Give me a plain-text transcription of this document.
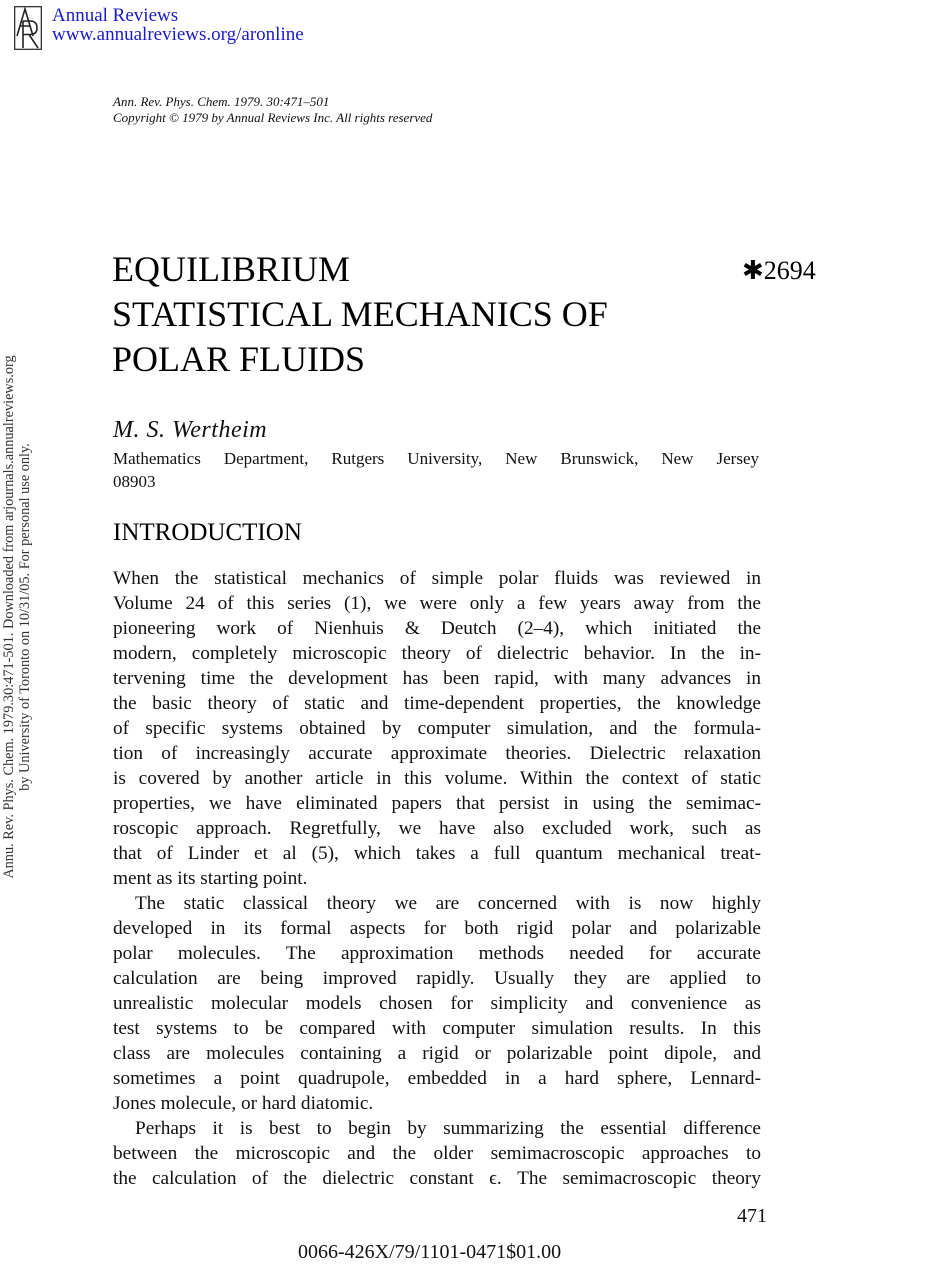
Annual Reviews
www.annualreviews.org/aronline
Ann. Rev. Phys. Chem. 1979. 30:471–501
Copyright © 1979 by Annual Reviews Inc. All rights reserved
Annu. Rev. Phys. Chem. 1979.30:471-501. Downloaded from arjournals.annualreviews.org by University of Toronto on 10/31/05. For personal use only.
EQUILIBRIUM
STATISTICAL MECHANICS OF
POLAR FLUIDS
✱2694
M. S. Wertheim
Mathematics Department, Rutgers University, New Brunswick, New Jersey
08903
INTRODUCTION
When the statistical mechanics of simple polar fluids was reviewed in
Volume 24 of this series (1), we were only a few years away from the
pioneering work of Nienhuis & Deutch (2–4), which initiated the
modern, completely microscopic theory of dielectric behavior. In the in-
tervening time the development has been rapid, with many advances in
the basic theory of static and time-dependent properties, the knowledge
of specific systems obtained by computer simulation, and the formula-
tion of increasingly accurate approximate theories. Dielectric relaxation
is covered by another article in this volume. Within the context of static
properties, we have eliminated papers that persist in using the semimac-
roscopic approach. Regretfully, we have also excluded work, such as
that of Linder et al (5), which takes a full quantum mechanical treat-
ment as its starting point.
The static classical theory we are concerned with is now highly
developed in its formal aspects for both rigid polar and polarizable
polar molecules. The approximation methods needed for accurate
calculation are being improved rapidly. Usually they are applied to
unrealistic molecular models chosen for simplicity and convenience as
test systems to be compared with computer simulation results. In this
class are molecules containing a rigid or polarizable point dipole, and
sometimes a point quadrupole, embedded in a hard sphere, Lennard-
Jones molecule, or hard diatomic.
Perhaps it is best to begin by summarizing the essential difference
between the microscopic and the older semimacroscopic approaches to
the calculation of the dielectric constant ϵ. The semimacroscopic theory
471
0066-426X/79/1101-0471$01.00
